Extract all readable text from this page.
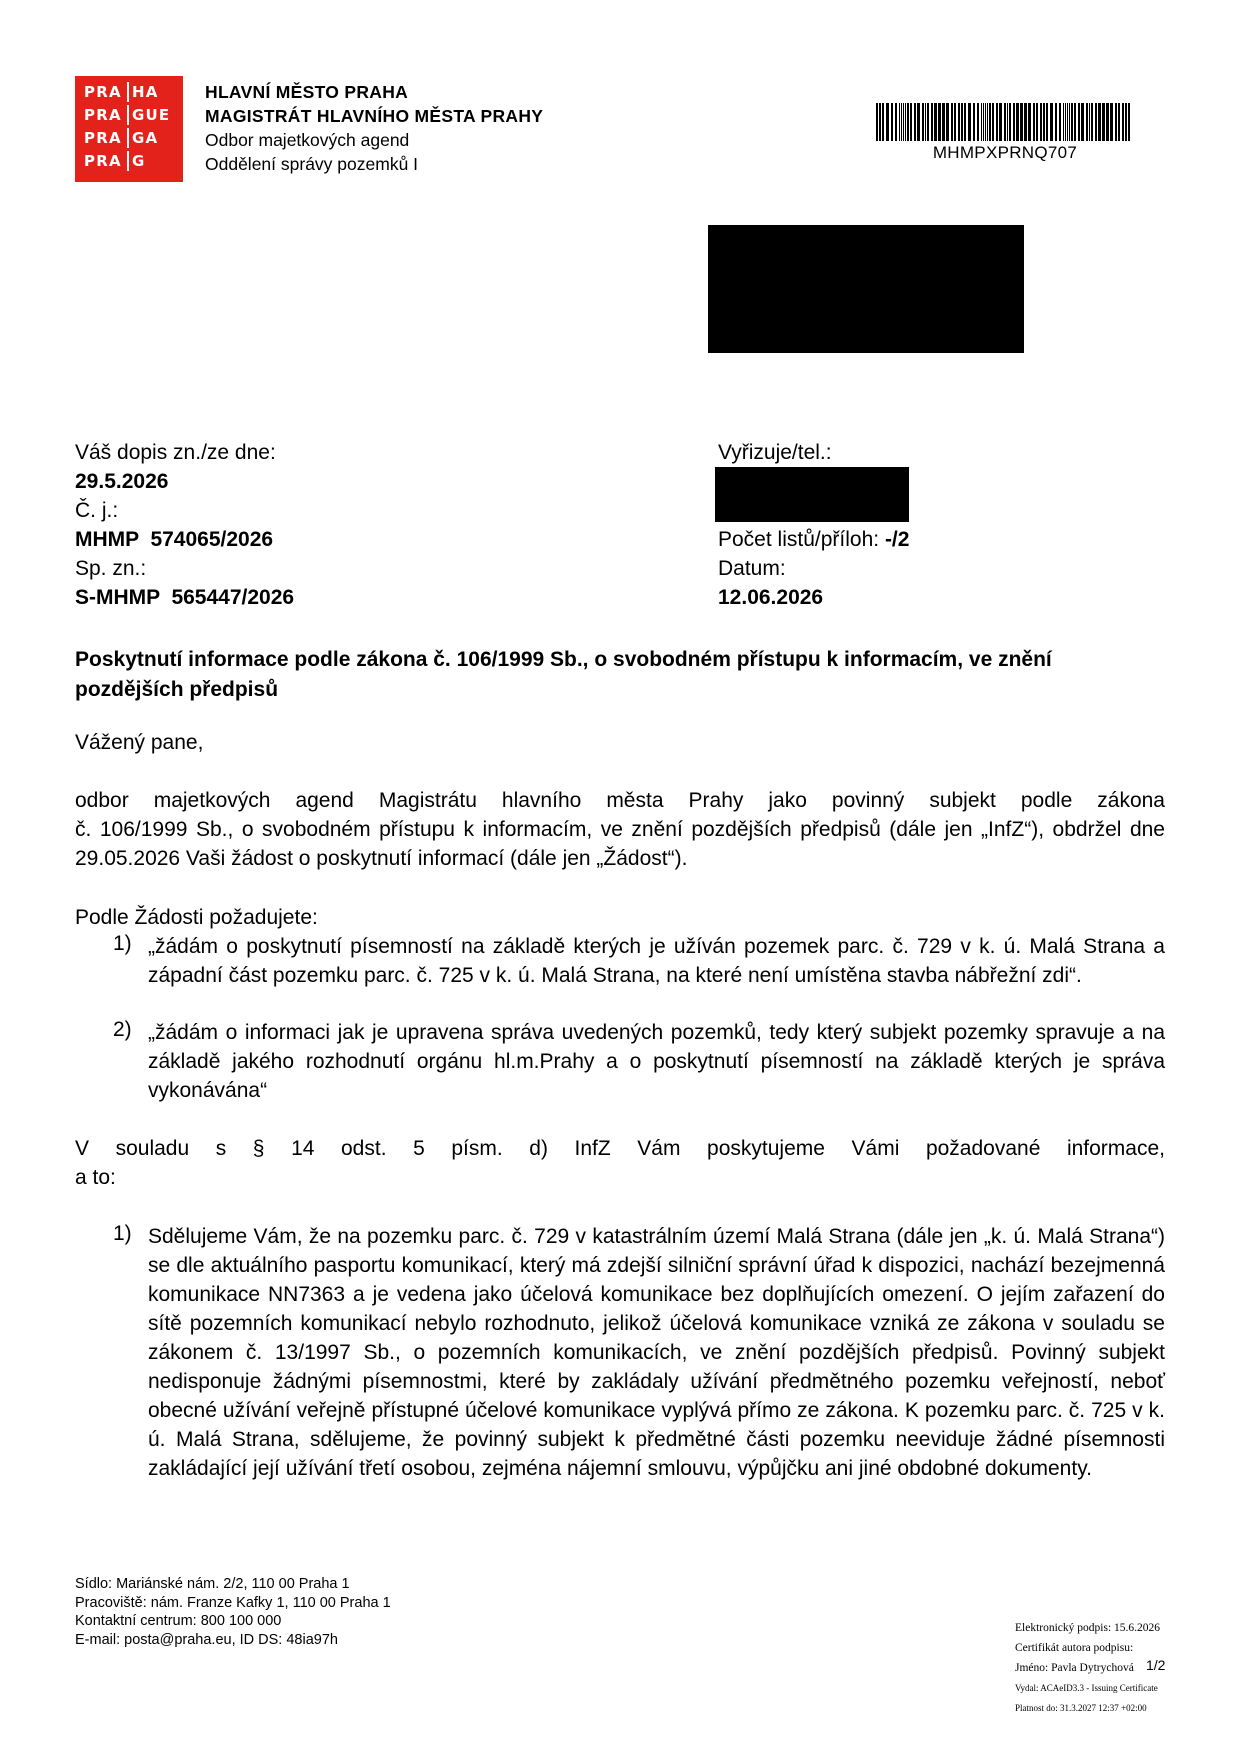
PRA HA
PRA GUE
PRA GA
PRA G
HLAVNÍ MĚSTO PRAHA
MAGISTRÁT HLAVNÍHO MĚSTA PRAHY
Odbor majetkových agend
Oddělení správy pozemků I
MHMPXPRNQ707
Váš dopis zn./ze dne:
29.5.2026
Č. j.:
MHMP  574065/2026
Sp. zn.:
S-MHMP  565447/2026
Vyřizuje/tel.:
Počet listů/příloh: -/2
Datum:
12.06.2026
Poskytnutí informace podle zákona č. 106/1999 Sb., o svobodném přístupu k informacím, ve znění pozdějších předpisů
Vážený pane,
odbor majetkových agend Magistrátu hlavního města Prahy jako povinný subjekt podle zákona
č. 106/1999 Sb., o svobodném přístupu k informacím, ve znění pozdějších předpisů (dále jen „InfZ“), obdržel dne 29.05.2026 Vaši žádost o poskytnutí informací (dále jen „Žádost“).
Podle Žádosti požadujete:
1) „žádám o poskytnutí písemností na základě kterých je užíván pozemek parc. č. 729 v k. ú. Malá Strana a západní část pozemku parc. č. 725 v k. ú. Malá Strana, na které není umístěna stavba nábřežní zdi“.
2) „žádám o informaci jak je upravena správa uvedených pozemků, tedy který subjekt pozemky spravuje a na základě jakého rozhodnutí orgánu hl.m.Prahy a o poskytnutí písemností na základě kterých je správa vykonávána“
V souladu s § 14 odst. 5 písm. d) InfZ Vám poskytujeme Vámi požadované informace,
a to:
1) Sdělujeme Vám, že na pozemku parc. č. 729 v katastrálním území Malá Strana (dále jen „k. ú. Malá Strana“) se dle aktuálního pasportu komunikací, který má zdejší silniční správní úřad k dispozici, nachází bezejmenná komunikace NN7363 a je vedena jako účelová komunikace bez doplňujících omezení. O jejím zařazení do sítě pozemních komunikací nebylo rozhodnuto, jelikož účelová komunikace vzniká ze zákona v souladu se zákonem č. 13/1997 Sb., o pozemních komunikacích, ve znění pozdějších předpisů. Povinný subjekt nedisponuje žádnými písemnostmi, které by zakládaly užívání předmětného pozemku veřejností, neboť obecné užívání veřejně přístupné účelové komunikace vyplývá přímo ze zákona. K pozemku parc. č. 725 v k. ú. Malá Strana, sdělujeme, že povinný subjekt k předmětné části pozemku neeviduje žádné písemnosti zakládající její užívání třetí osobou, zejména nájemní smlouvu, výpůjčku ani jiné obdobné dokumenty.
Sídlo: Mariánské nám. 2/2, 110 00 Praha 1
Pracoviště: nám. Franze Kafky 1, 110 00 Praha 1
Kontaktní centrum: 800 100 000
E-mail: posta@praha.eu, ID DS: 48ia97h
Elektronický podpis: 15.6.2026
Certifikát autora podpisu:
Jméno: Pavla Dytrychová
Vydal: ACAeID3.3 - Issuing Certificate
Platnost do: 31.3.2027 12:37 +02:00
1/2
